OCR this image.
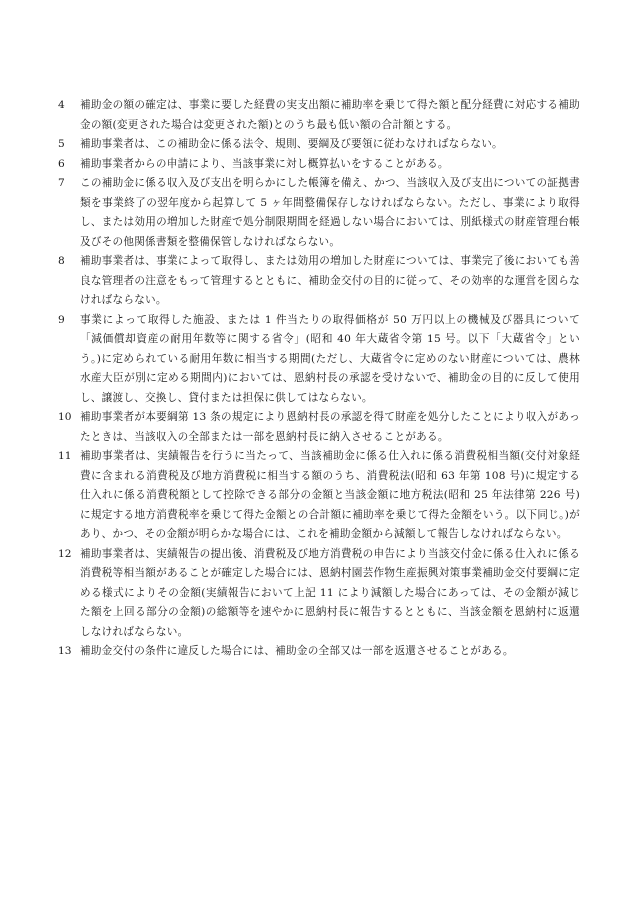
4	補助金の額の確定は、事業に要した経費の実支出額に補助率を乗じて得た額と配分経費に対応する補助金の額(変更された場合は変更された額)とのうち最も低い額の合計額とする。
5	補助事業者は、この補助金に係る法令、規則、要綱及び要領に従わなければならない。
6	補助事業者からの申請により、当該事業に対し概算払いをすることがある。
7	この補助金に係る収入及び支出を明らかにした帳簿を備え、かつ、当該収入及び支出についての証拠書類を事業終了の翌年度から起算して 5 ヶ年間整備保存しなければならない。ただし、事業により取得し、または効用の増加した財産で処分制限期間を経過しない場合においては、別紙様式の財産管理台帳及びその他関係書類を整備保管しなければならない。
8	補助事業者は、事業によって取得し、または効用の増加した財産については、事業完了後においても善良な管理者の注意をもって管理するとともに、補助金交付の目的に従って、その効率的な運営を図らなければならない。
9	事業によって取得した施設、または 1 件当たりの取得価格が 50 万円以上の機械及び器具について「減価償却資産の耐用年数等に関する省令」(昭和 40 年大蔵省令第 15 号。以下「大蔵省令」という。)に定められている耐用年数に相当する期間(ただし、大蔵省令に定めのない財産については、農林水産大臣が別に定める期間内)においては、恩納村長の承認を受けないで、補助金の目的に反して使用し、譲渡し、交換し、貸付または担保に供してはならない。
10 補助事業者が本要綱第 13 条の規定により恩納村長の承認を得て財産を処分したことにより収入があったときは、当該収入の全部または一部を恩納村長に納入させることがある。
11 補助事業者は、実績報告を行うに当たって、当該補助金に係る仕入れに係る消費税相当額(交付対象経費に含まれる消費税及び地方消費税に相当する額のうち、消費税法(昭和 63 年第 108 号)に規定する仕入れに係る消費税額として控除できる部分の金額と当該金額に地方税法(昭和 25 年法律第 226 号)に規定する地方消費税率を乗じて得た金額との合計額に補助率を乗じて得た金額をいう。以下同じ。)があり、かつ、その金額が明らかな場合には、これを補助金額から減額して報告しなければならない。
12 補助事業者は、実績報告の提出後、消費税及び地方消費税の申告により当該交付金に係る仕入れに係る消費税等相当額があることが確定した場合には、恩納村園芸作物生産振興対策事業補助金交付要綱に定める様式によりその金額(実績報告において上記 11 により減額した場合にあっては、その金額が減じた額を上回る部分の金額)の総額等を速やかに恩納村長に報告するとともに、当該金額を恩納村に返還しなければならない。
13 補助金交付の条件に違反した場合には、補助金の全部又は一部を返還させることがある。
